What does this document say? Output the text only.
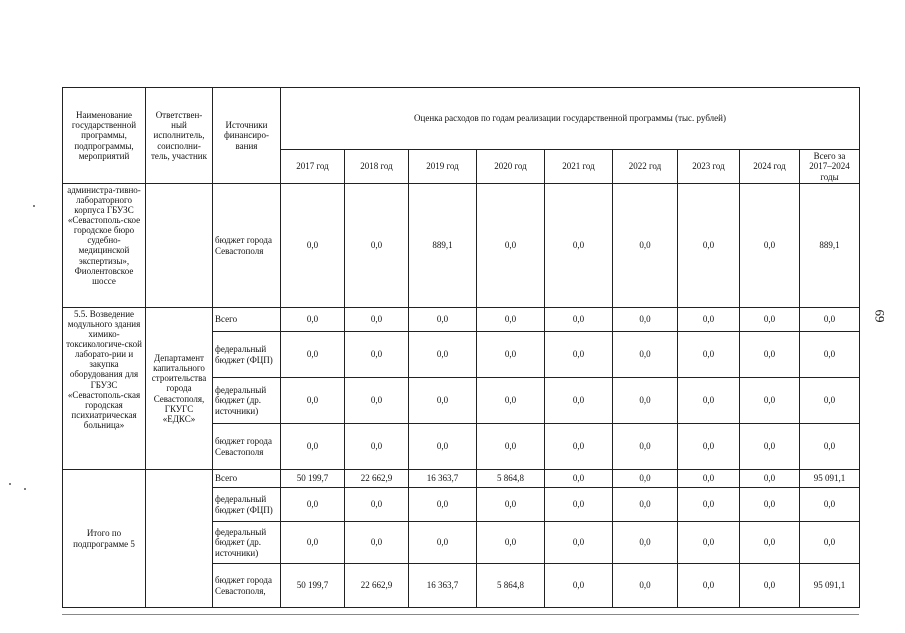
Наименование государственной программы, подпрограммы, мероприятий	Ответствен-ный исполнитель, соисполни-тель, участник	Источники финансиро-вания	Оценка расходов по годам реализации государственной программы (тыс. рублей)								
			2017 год	2018 год	2019 год	2020 год	2021 год	2022 год	2023 год	2024 год	Всего за 2017–2024 годы
администра-тивно-лабораторного корпуса ГБУЗС «Севастополь-ское городское бюро судебно-медицинской экспертизы», Фиолентовское шоссе		бюджет города Севастополя	0,0	0,0	889,1	0,0	0,0	0,0	0,0	0,0	889,1
5.5. Возведение модульного здания химико-токсикологиче-ской лаборато-рии и закупка оборудования для ГБУЗС «Севастополь-ская городская психиатрическая больница»	Департамент капитального строительства города Севастополя, ГКУГС «ЕДКС»	Всего	0,0	0,0	0,0	0,0	0,0	0,0	0,0	0,0	0,0
		федеральный бюджет (ФЦП)	0,0	0,0	0,0	0,0	0,0	0,0	0,0	0,0	0,0
		федеральный бюджет (др. источники)	0,0	0,0	0,0	0,0	0,0	0,0	0,0	0,0	0,0
		бюджет города Севастополя	0,0	0,0	0,0	0,0	0,0	0,0	0,0	0,0	0,0
Итого по подпрограмме 5		Всего	50 199,7	22 662,9	16 363,7	5 864,8	0,0	0,0	0,0	0,0	95 091,1
		федеральный бюджет (ФЦП)	0,0	0,0	0,0	0,0	0,0	0,0	0,0	0,0	0,0
		федеральный бюджет (др. источники)	0,0	0,0	0,0	0,0	0,0	0,0	0,0	0,0	0,0
		бюджет города Севастополя,	50 199,7	22 662,9	16 363,7	5 864,8	0,0	0,0	0,0	0,0	95 091,1
69
